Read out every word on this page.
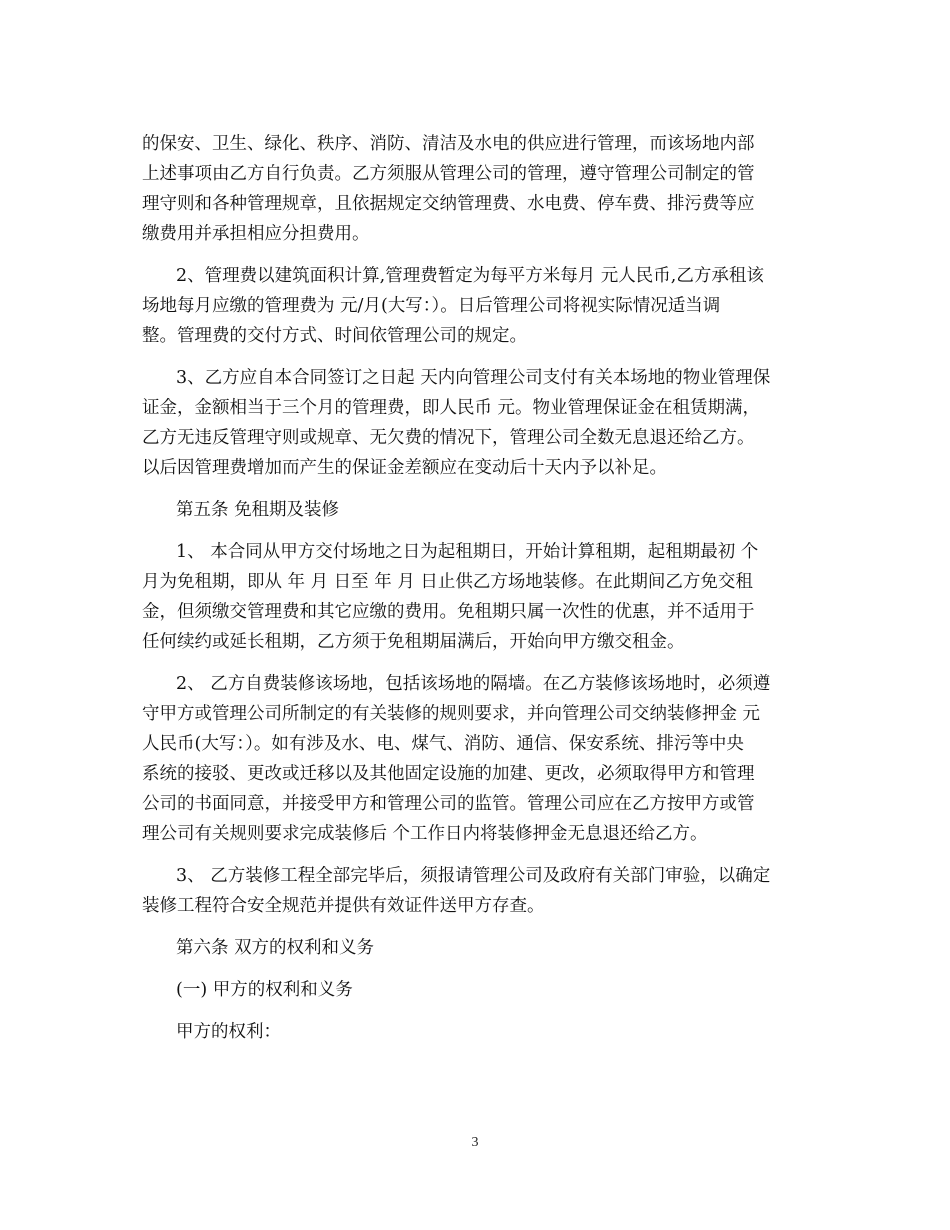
的保安、卫生、绿化、秩序、消防、清洁及水电的供应进行管理，而该场地内部
上述事项由乙方自行负责。乙方须服从管理公司的管理，遵守管理公司制定的管
理守则和各种管理规章，且依据规定交纳管理费、水电费、停车费、排污费等应
缴费用并承担相应分担费用。
2、管理费以建筑面积计算,管理费暂定为每平方米每月 元人民币,乙方承租该
场地每月应缴的管理费为 元/月(大写：）。日后管理公司将视实际情况适当调
整。管理费的交付方式、时间依管理公司的规定。
3、乙方应自本合同签订之日起 天内向管理公司支付有关本场地的物业管理保
证金，金额相当于三个月的管理费，即人民币 元。物业管理保证金在租赁期满，
乙方无违反管理守则或规章、无欠费的情况下，管理公司全数无息退还给乙方。
以后因管理费增加而产生的保证金差额应在变动后十天内予以补足。
第五条 免租期及装修
1、 本合同从甲方交付场地之日为起租期日，开始计算租期，起租期最初 个
月为免租期，即从 年 月 日至 年 月 日止供乙方场地装修。在此期间乙方免交租
金，但须缴交管理费和其它应缴的费用。免租期只属一次性的优惠，并不适用于
任何续约或延长租期，乙方须于免租期届满后，开始向甲方缴交租金。
2、 乙方自费装修该场地，包括该场地的隔墙。在乙方装修该场地时，必须遵
守甲方或管理公司所制定的有关装修的规则要求，并向管理公司交纳装修押金 元
人民币(大写：）。如有涉及水、电、煤气、消防、通信、保安系统、排污等中央
系统的接驳、更改或迁移以及其他固定设施的加建、更改，必须取得甲方和管理
公司的书面同意，并接受甲方和管理公司的监管。管理公司应在乙方按甲方或管
理公司有关规则要求完成装修后 个工作日内将装修押金无息退还给乙方。
3、 乙方装修工程全部完毕后，须报请管理公司及政府有关部门审验，以确定
装修工程符合安全规范并提供有效证件送甲方存查。
第六条 双方的权利和义务
(一) 甲方的权利和义务
甲方的权利：
3
